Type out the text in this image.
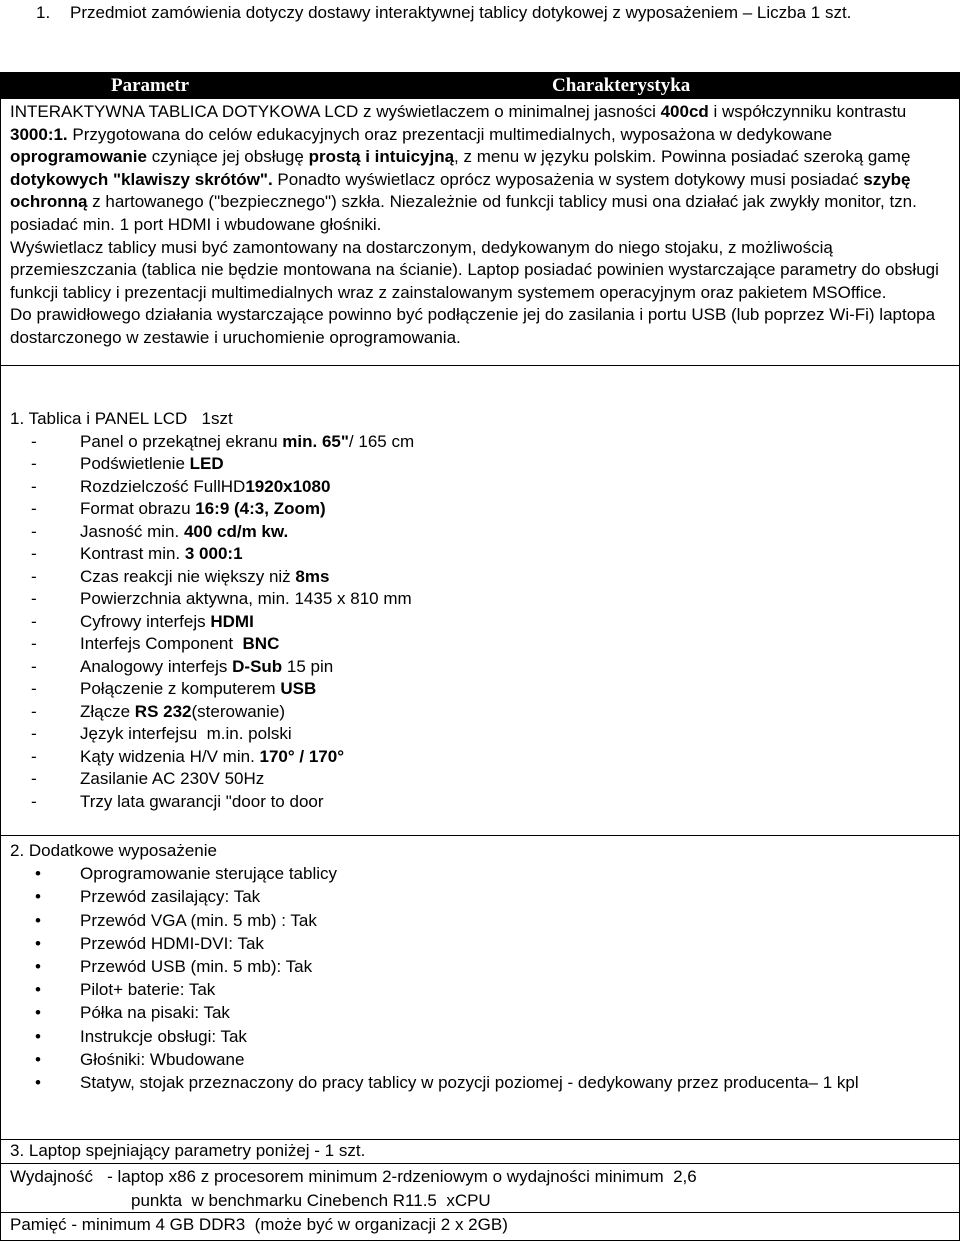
1. Przedmiot zamówienia dotyczy dostawy interaktywnej tablicy dotykowej z wyposażeniem – Liczba 1 szt.
Parametr	Charakterystyka
INTERAKTYWNA TABLICA DOTYKOWA LCD z wyświetlaczem o minimalnej jasności 400cd i współczynniku kontrastu 3000:1. Przygotowana do celów edukacyjnych oraz prezentacji multimedialnych, wyposażona w dedykowane oprogramowanie czyniące jej obsługę prostą i intuicyjną, z menu w języku polskim. Powinna posiadać szeroką gamę dotykowych "klawiszy skrótów". Ponadto wyświetlacz oprócz wyposażenia w system dotykowy musi posiadać szybę ochronną z hartowanego ("bezpiecznego") szkła. Niezależnie od funkcji tablicy musi ona działać jak zwykły monitor, tzn. posiadać min. 1 port HDMI i wbudowane głośniki.
Wyświetlacz tablicy musi być zamontowany na dostarczonym, dedykowanym do niego stojaku, z możliwością przemieszczania (tablica nie będzie montowana na ścianie). Laptop posiadać powinien wystarczające parametry do obsługi funkcji tablicy i prezentacji multimedialnych wraz z zainstalowanym systemem operacyjnym oraz pakietem MSOffice.
Do prawidłowego działania wystarczające powinno być podłączenie jej do zasilania i portu USB (lub poprzez Wi-Fi) laptopa dostarczonego w zestawie i uruchomienie oprogramowania.
1. Tablica i PANEL LCD   1szt
- Panel o przekątnej ekranu min. 65"/ 165 cm
- Podświetlenie LED
- Rozdzielczość FullHD1920x1080
- Format obrazu 16:9 (4:3, Zoom)
- Jasność min. 400 cd/m kw.
- Kontrast min. 3 000:1
- Czas reakcji nie większy niż 8ms
- Powierzchnia aktywna, min. 1435 x 810 mm
- Cyfrowy interfejs HDMI
- Interfejs Component  BNC
- Analogowy interfejs D-Sub 15 pin
- Połączenie z komputerem USB
- Złącze RS 232(sterowanie)
- Język interfejsu  m.in. polski
- Kąty widzenia H/V min. 170° / 170°
- Zasilanie AC 230V 50Hz
- Trzy lata gwarancji "door to door
2. Dodatkowe wyposażenie
• Oprogramowanie sterujące tablicy
• Przewód zasilający: Tak
• Przewód VGA (min. 5 mb) : Tak
• Przewód HDMI-DVI: Tak
• Przewód USB (min. 5 mb): Tak
• Pilot+ baterie: Tak
• Półka na pisaki: Tak
• Instrukcje obsługi: Tak
• Głośniki: Wbudowane
• Statyw, stojak przeznaczony do pracy tablicy w pozycji poziomej - dedykowany przez producenta– 1 kpl
3. Laptop spejniający parametry poniżej - 1 szt.
Wydajność   - laptop x86 z procesorem minimum 2-rdzeniowym o wydajności minimum  2,6
punkta  w benchmarku Cinebench R11.5  xCPU
Pamięć - minimum 4 GB DDR3  (może być w organizacji 2 x 2GB)
